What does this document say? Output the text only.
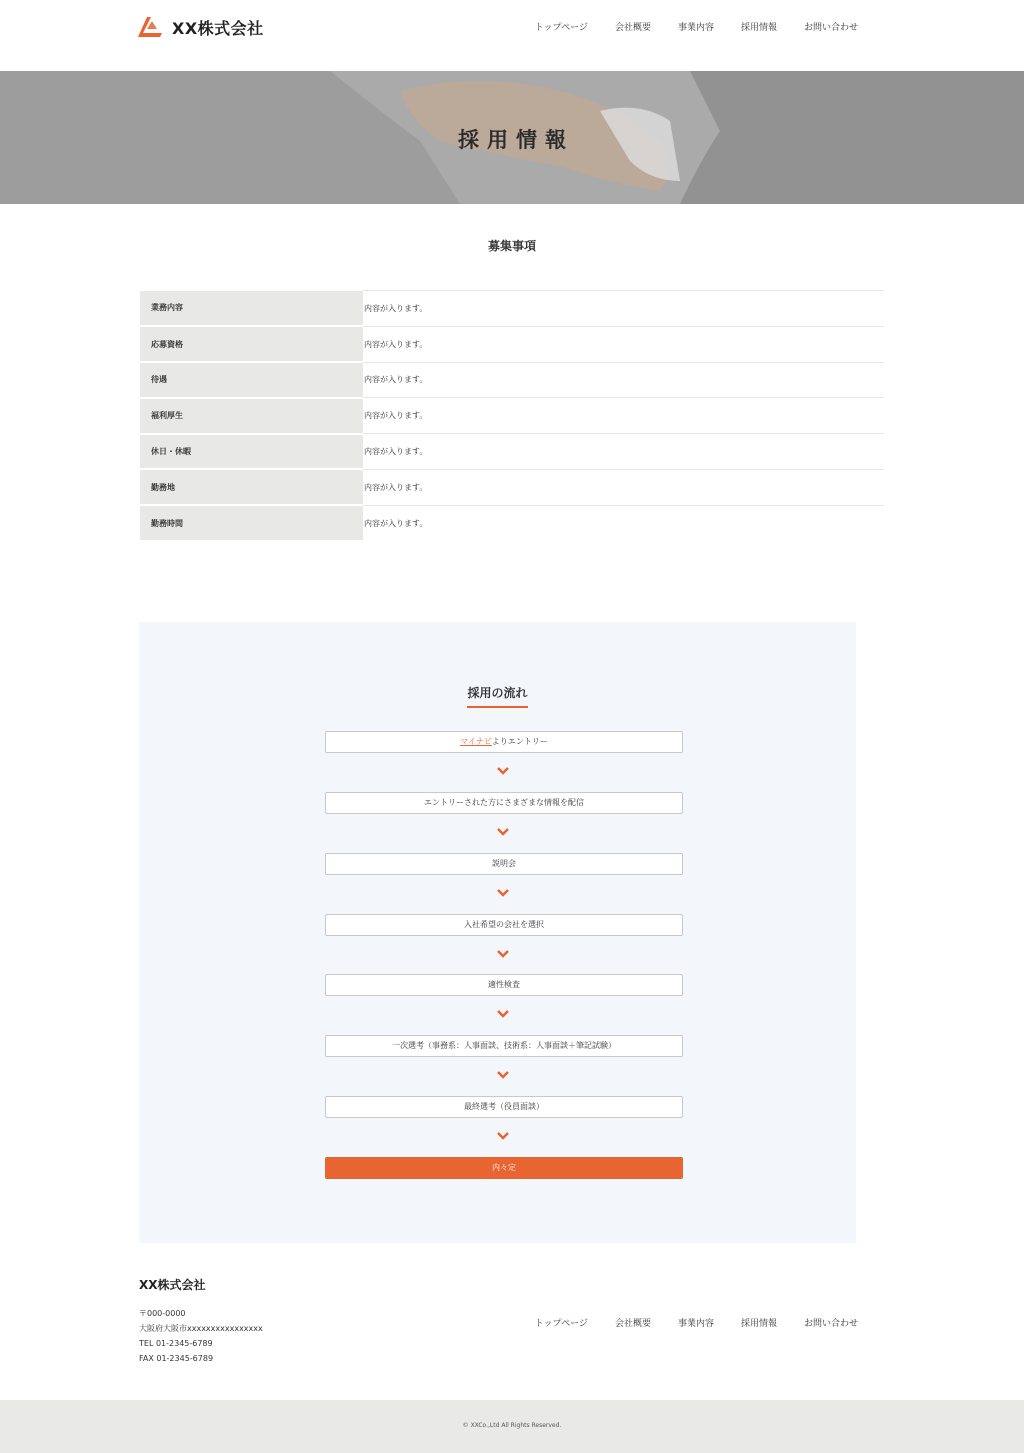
XX株式会社	トップページ	会社概要	事業内容	採用情報	お問い合わせ
採用情報
募集事項
業務内容	内容が入ります。
応募資格	内容が入ります。
待遇	内容が入ります。
福利厚生	内容が入ります。
休日・休暇	内容が入ります。
勤務地	内容が入ります。
勤務時間	内容が入ります。
採用の流れ
マイナビよりエントリー
エントリーされた方にさまざまな情報を配信
説明会
入社希望の会社を選択
適性検査
一次選考（事務系：人事面談、技術系：人事面談＋筆記試験）
最終選考（役員面談）
内々定
XX株式会社
〒000-0000
大阪府大阪市xxxxxxxxxxxxxxxx
TEL 01-2345-6789
FAX 01-2345-6789
トップページ	会社概要	事業内容	採用情報	お問い合わせ
© XXCo.,Ltd All Rights Reserved.
